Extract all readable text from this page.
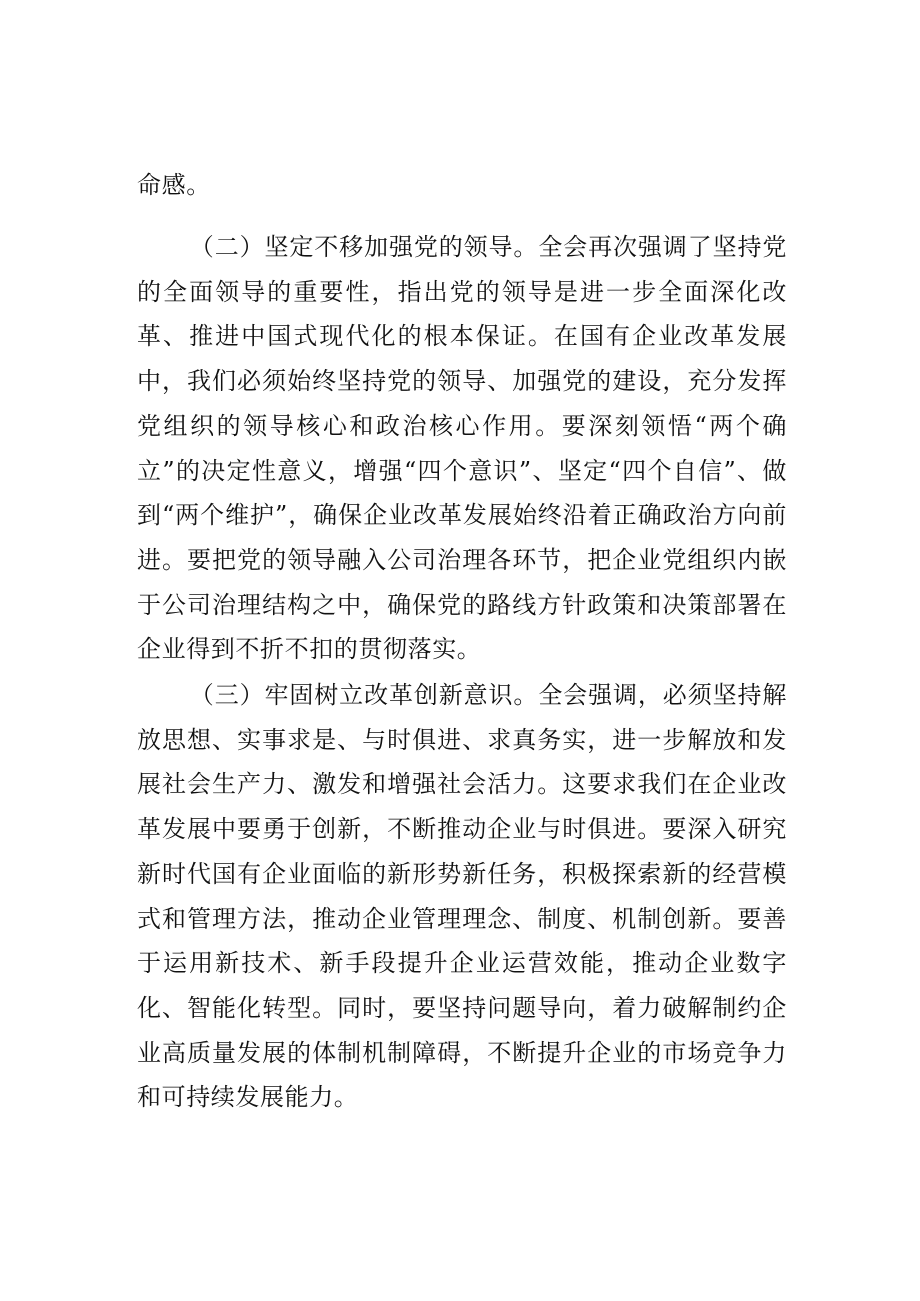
命感。

（二）坚定不移加强党的领导。全会再次强调了坚持党的全面领导的重要性，指出党的领导是进一步全面深化改革、推进中国式现代化的根本保证。在国有企业改革发展中，我们必须始终坚持党的领导、加强党的建设，充分发挥党组织的领导核心和政治核心作用。要深刻领悟“两个确立”的决定性意义，增强“四个意识”、坚定“四个自信”、做到“两个维护”，确保企业改革发展始终沿着正确政治方向前进。要把党的领导融入公司治理各环节，把企业党组织内嵌于公司治理结构之中，确保党的路线方针政策和决策部署在企业得到不折不扣的贯彻落实。

（三）牢固树立改革创新意识。全会强调，必须坚持解放思想、实事求是、与时俱进、求真务实，进一步解放和发展社会生产力、激发和增强社会活力。这要求我们在企业改革发展中要勇于创新，不断推动企业与时俱进。要深入研究新时代国有企业面临的新形势新任务，积极探索新的经营模式和管理方法，推动企业管理理念、制度、机制创新。要善于运用新技术、新手段提升企业运营效能，推动企业数字化、智能化转型。同时，要坚持问题导向，着力破解制约企业高质量发展的体制机制障碍，不断提升企业的市场竞争力和可持续发展能力。
